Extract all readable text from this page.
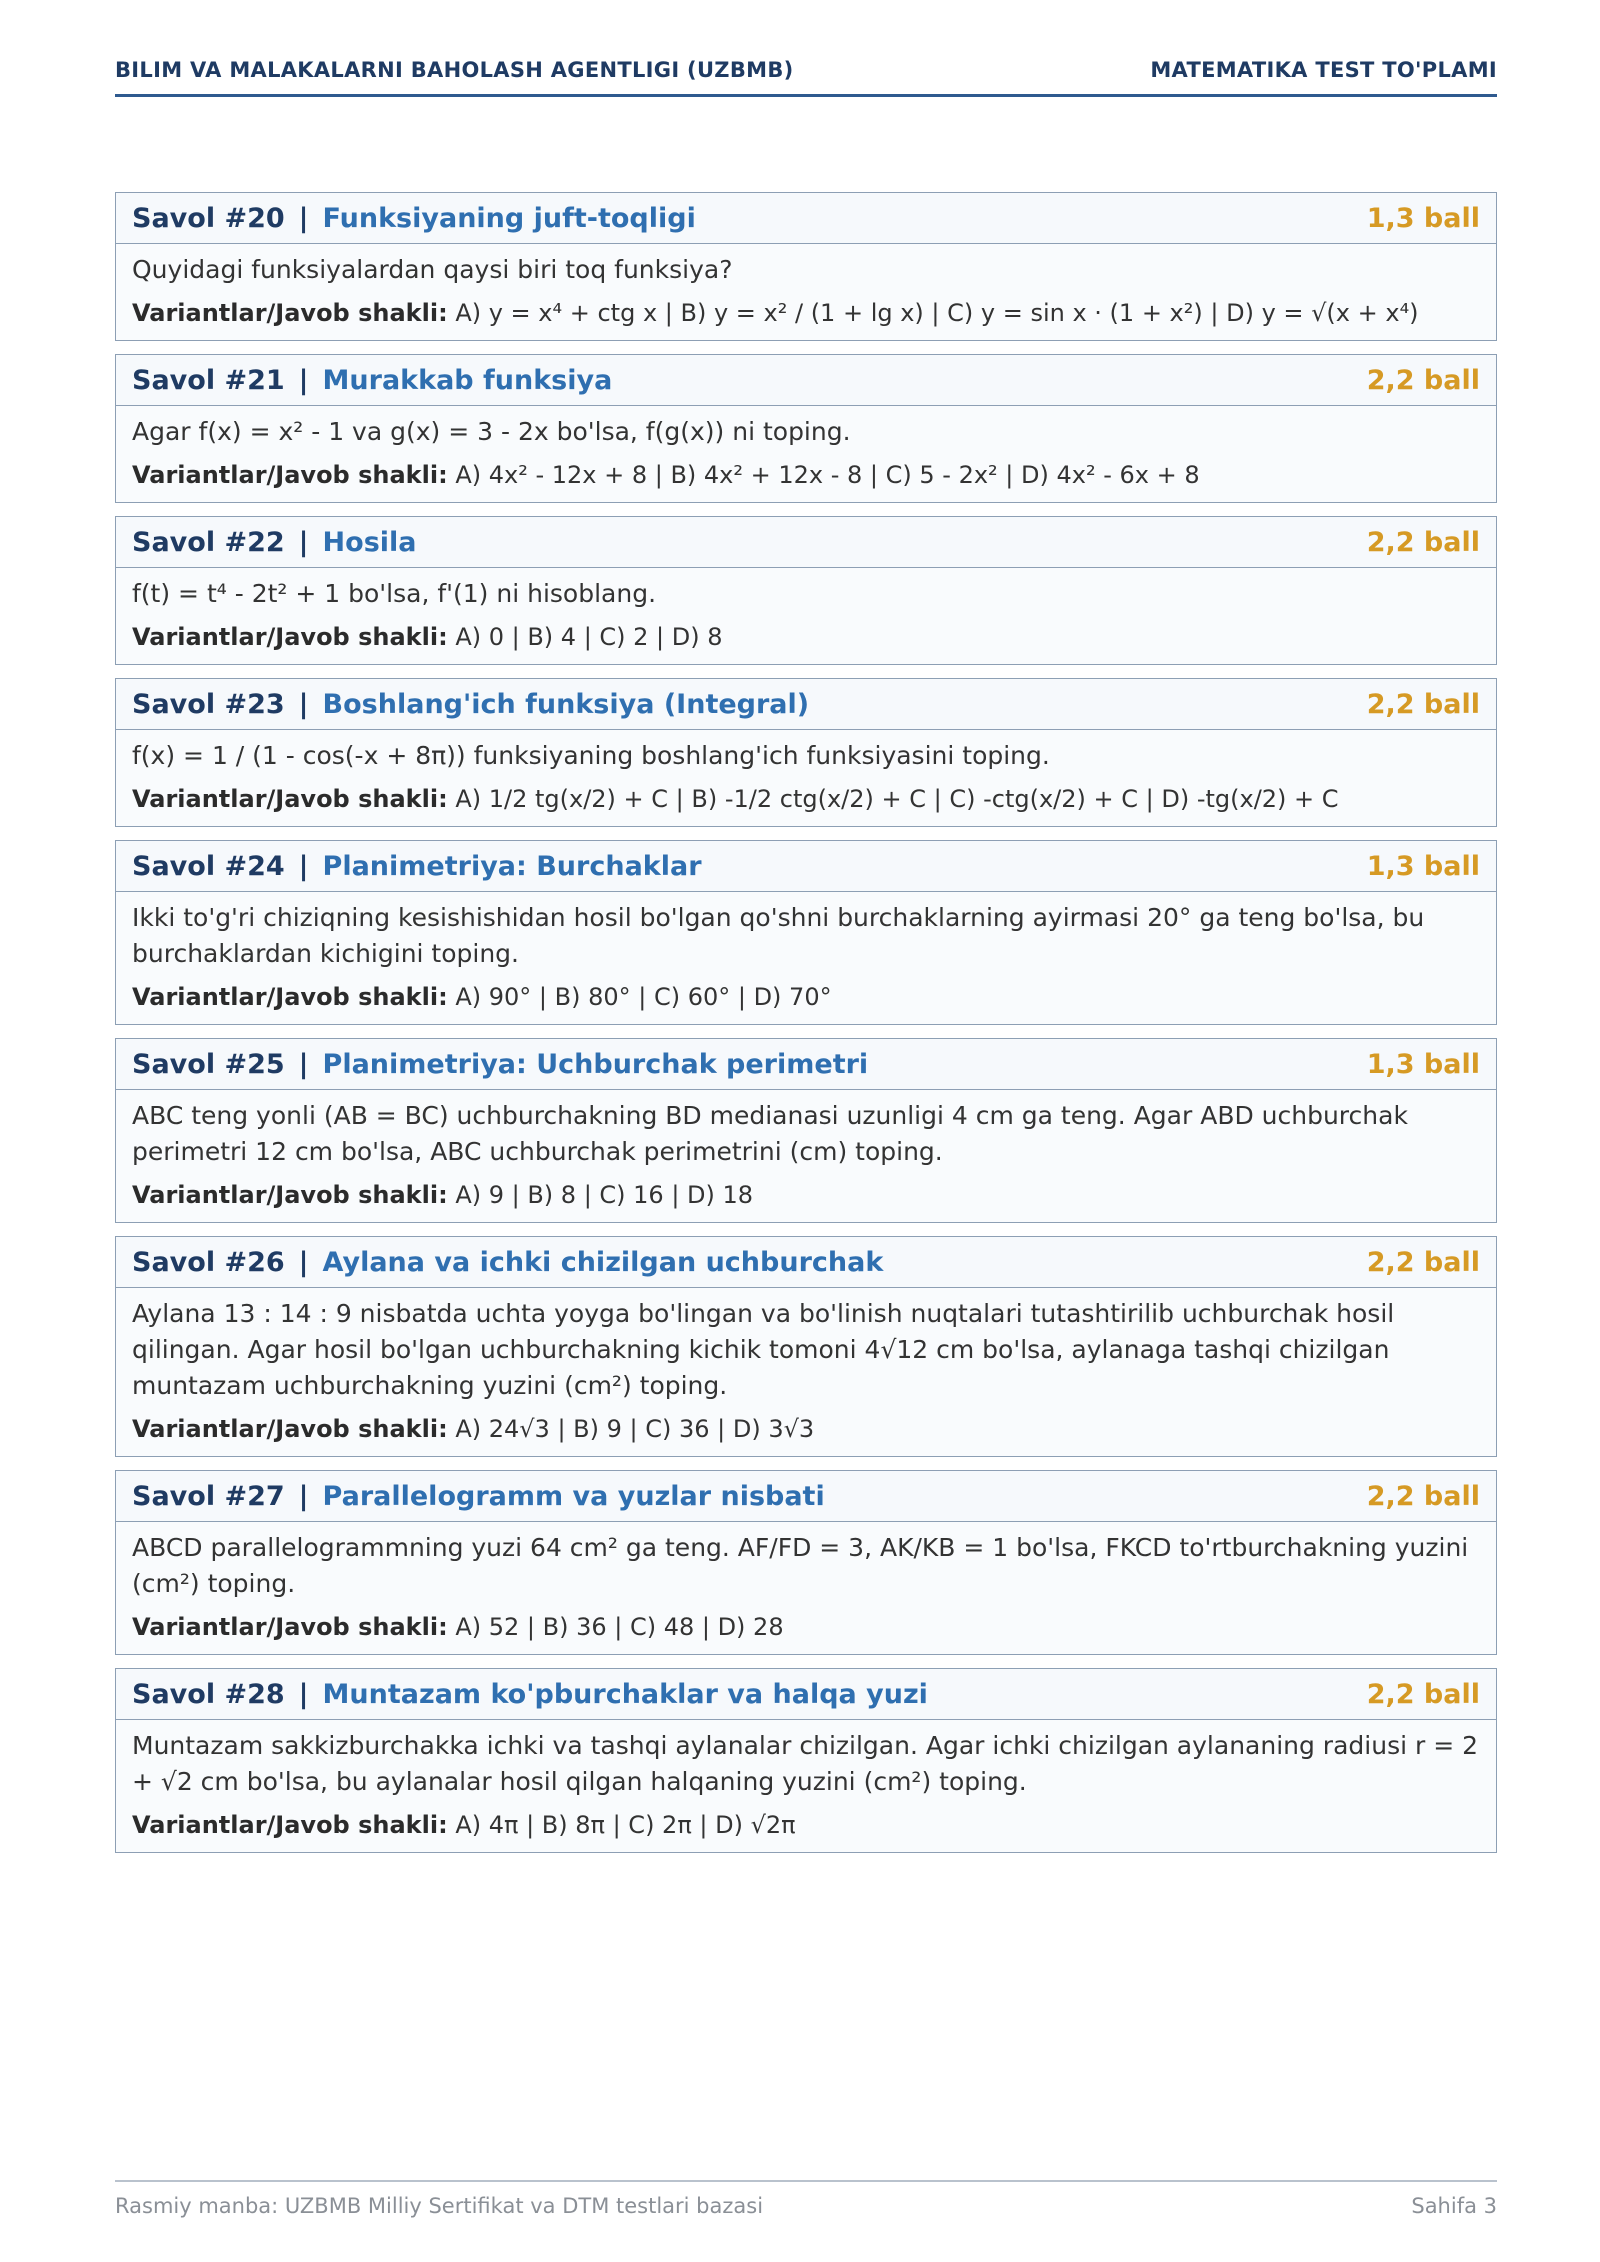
BILIM VA MALAKALARNI BAHOLASH AGENTLIGI (UZBMB)	MATEMATIKA TEST TO'PLAMI
Savol #20 | Funksiyaning juft-toqligi	1,3 ball

Quyidagi funksiyalardan qaysi biri toq funksiya?

Variantlar/Javob shakli: A) y = x⁴ + ctg x | B) y = x² / (1 + lg x) | C) y = sin x · (1 + x²) | D) y = √(x + x⁴)

Savol #21 | Murakkab funksiya	2,2 ball

Agar f(x) = x² - 1 va g(x) = 3 - 2x bo'lsa, f(g(x)) ni toping.

Variantlar/Javob shakli: A) 4x² - 12x + 8 | B) 4x² + 12x - 8 | C) 5 - 2x² | D) 4x² - 6x + 8

Savol #22 | Hosila	2,2 ball

f(t) = t⁴ - 2t² + 1 bo'lsa, f'(1) ni hisoblang.

Variantlar/Javob shakli: A) 0 | B) 4 | C) 2 | D) 8

Savol #23 | Boshlang'ich funksiya (Integral)	2,2 ball

f(x) = 1 / (1 - cos(-x + 8π)) funksiyaning boshlang'ich funksiyasini toping.

Variantlar/Javob shakli: A) 1/2 tg(x/2) + C | B) -1/2 ctg(x/2) + C | C) -ctg(x/2) + C | D) -tg(x/2) + C

Savol #24 | Planimetriya: Burchaklar	1,3 ball

Ikki to'g'ri chiziqning kesishishidan hosil bo'lgan qo'shni burchaklarning ayirmasi 20° ga teng bo'lsa, bu burchaklardan kichigini toping.

Variantlar/Javob shakli: A) 90° | B) 80° | C) 60° | D) 70°

Savol #25 | Planimetriya: Uchburchak perimetri	1,3 ball

ABC teng yonli (AB = BC) uchburchakning BD medianasi uzunligi 4 cm ga teng. Agar ABD uchburchak perimetri 12 cm bo'lsa, ABC uchburchak perimetrini (cm) toping.

Variantlar/Javob shakli: A) 9 | B) 8 | C) 16 | D) 18

Savol #26 | Aylana va ichki chizilgan uchburchak	2,2 ball

Aylana 13 : 14 : 9 nisbatda uchta yoyga bo'lingan va bo'linish nuqtalari tutashtirilib uchburchak hosil qilingan. Agar hosil bo'lgan uchburchakning kichik tomoni 4√12 cm bo'lsa, aylanaga tashqi chizilgan muntazam uchburchakning yuzini (cm²) toping.

Variantlar/Javob shakli: A) 24√3 | B) 9 | C) 36 | D) 3√3

Savol #27 | Parallelogramm va yuzlar nisbati	2,2 ball

ABCD parallelogrammning yuzi 64 cm² ga teng. AF/FD = 3, AK/KB = 1 bo'lsa, FKCD to'rtburchakning yuzini (cm²) toping.

Variantlar/Javob shakli: A) 52 | B) 36 | C) 48 | D) 28

Savol #28 | Muntazam ko'pburchaklar va halqa yuzi	2,2 ball

Muntazam sakkizburchakka ichki va tashqi aylanalar chizilgan. Agar ichki chizilgan aylananing radiusi r = 2 + √2 cm bo'lsa, bu aylanalar hosil qilgan halqaning yuzini (cm²) toping.

Variantlar/Javob shakli: A) 4π | B) 8π | C) 2π | D) √2π

Rasmiy manba: UZBMB Milliy Sertifikat va DTM testlari bazasi	Sahifa 3
